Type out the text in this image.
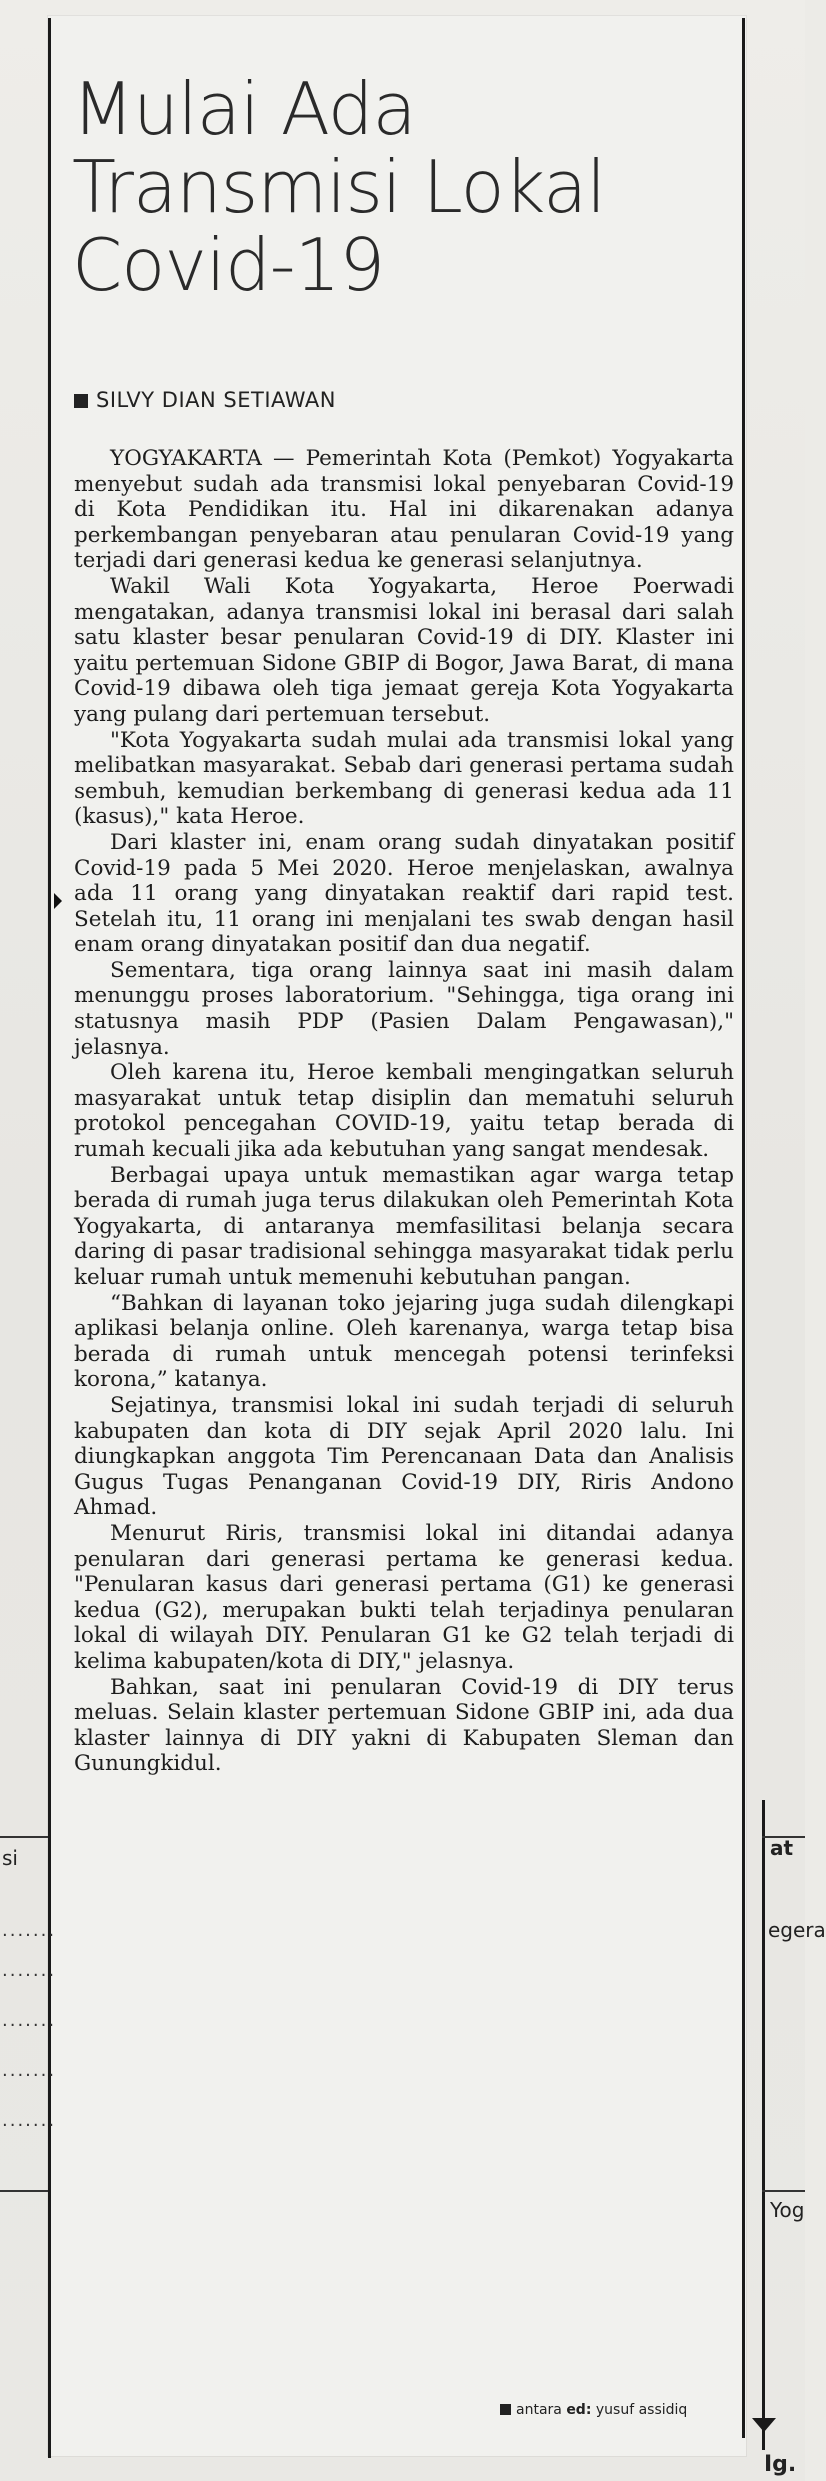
Mulai Ada
Transmisi Lokal
Covid-19
SILVY DIAN SETIAWAN

YOGYAKARTA — Pemerintah Kota (Pemkot) Yogyakarta menyebut sudah ada transmisi lokal penyebaran Covid-19 di Kota Pendidikan itu. Hal ini dikarenakan adanya perkembangan penyebaran atau penularan Covid-19 yang terjadi dari generasi kedua ke generasi selanjutnya.

Wakil Wali Kota Yogyakarta, Heroe Poerwadi mengatakan, adanya transmisi lokal ini berasal dari salah satu klaster besar penularan Covid-19 di DIY. Klaster ini yaitu pertemuan Sidone GBIP di Bogor, Jawa Barat, di mana Covid-19 dibawa oleh tiga jemaat gereja Kota Yogyakarta yang pulang dari pertemuan tersebut.

"Kota Yogyakarta sudah mulai ada transmisi lokal yang melibatkan masyarakat. Sebab dari generasi pertama sudah sembuh, kemudian berkembang di generasi kedua ada 11 (kasus)," kata Heroe.

Dari klaster ini, enam orang sudah dinyatakan positif Covid-19 pada 5 Mei 2020. Heroe menjelaskan, awalnya ada 11 orang yang dinyatakan reaktif dari rapid test. Setelah itu, 11 orang ini menjalani tes swab dengan hasil enam orang dinyatakan positif dan dua negatif.

Sementara, tiga orang lainnya saat ini masih dalam menunggu proses laboratorium. "Sehingga, tiga orang ini statusnya masih PDP (Pasien Dalam Pengawasan)," jelasnya.

Oleh karena itu, Heroe kembali mengingatkan seluruh masyarakat untuk tetap disiplin dan mematuhi seluruh protokol pencegahan COVID-19, yaitu tetap berada di rumah kecuali jika ada kebutuhan yang sangat mendesak.

Berbagai upaya untuk memastikan agar warga tetap berada di rumah juga terus dilakukan oleh Pemerintah Kota Yogyakarta, di antaranya memfasilitasi belanja secara daring di pasar tradisional sehingga masyarakat tidak perlu keluar rumah untuk memenuhi kebutuhan pangan.

“Bahkan di layanan toko jejaring juga sudah dilengkapi aplikasi belanja online. Oleh karenanya, warga tetap bisa berada di rumah untuk mencegah potensi terinfeksi korona,” katanya.

Sejatinya, transmisi lokal ini sudah terjadi di seluruh kabupaten dan kota di DIY sejak April 2020 lalu. Ini diungkapkan anggota Tim Perencanaan Data dan Analisis Gugus Tugas Penanganan Covid-19 DIY, Riris Andono Ahmad.

Menurut Riris, transmisi lokal ini ditandai adanya penularan dari generasi pertama ke generasi kedua. "Penularan kasus dari generasi pertama (G1) ke generasi kedua (G2), merupakan bukti telah terjadinya penularan lokal di wilayah DIY. Penularan G1 ke G2 telah terjadi di kelima kabupaten/kota di DIY," jelasnya.

Bahkan, saat ini penularan Covid-19 di DIY terus meluas. Selain klaster pertemuan Sidone GBIP ini, ada dua klaster lainnya di DIY yakni di Kabupaten Sleman dan Gunungkidul.

antara ed: yusuf assidiq
si
.......
.......
.......
.......
.......
at
egera
Yog
Ig.
